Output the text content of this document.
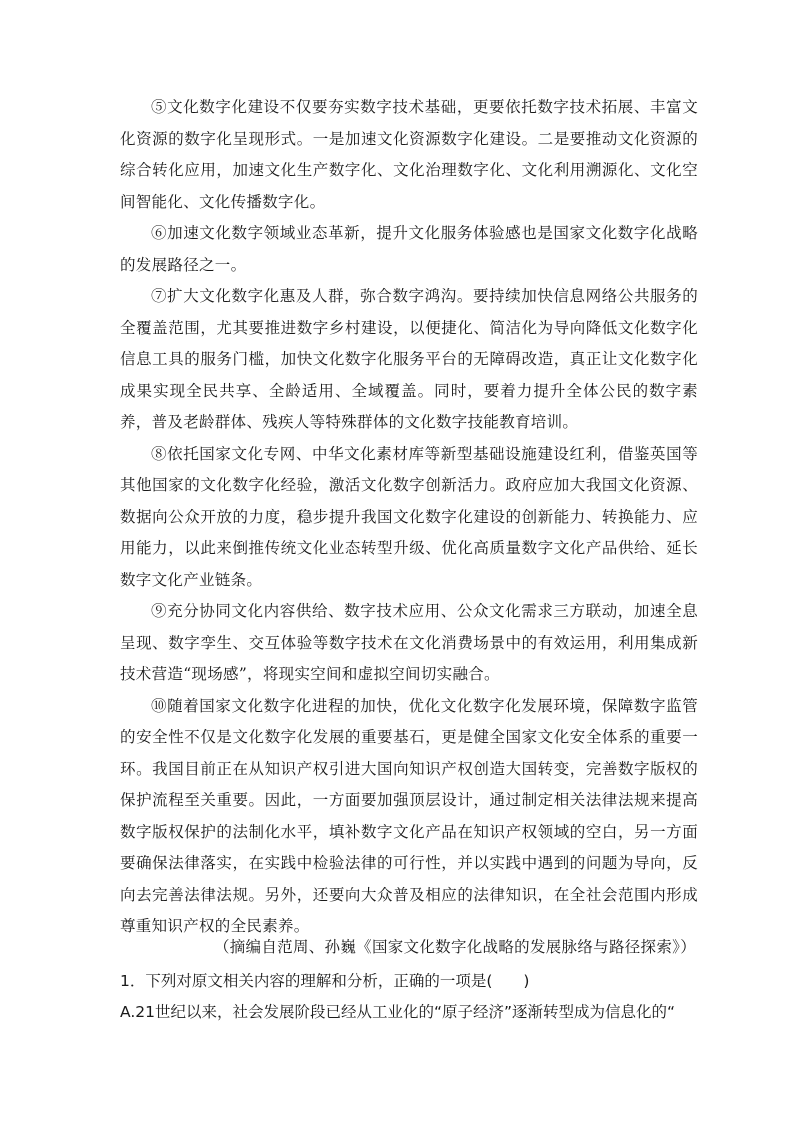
⑤文化数字化建设不仅要夯实数字技术基础，更要依托数字技术拓展、丰富文化资源的数字化呈现形式。一是加速文化资源数字化建设。二是要推动文化资源的综合转化应用，加速文化生产数字化、文化治理数字化、文化利用溯源化、文化空间智能化、文化传播数字化。

⑥加速文化数字领域业态革新，提升文化服务体验感也是国家文化数字化战略的发展路径之一。

⑦扩大文化数字化惠及人群，弥合数字鸿沟。要持续加快信息网络公共服务的全覆盖范围，尤其要推进数字乡村建设，以便捷化、简洁化为导向降低文化数字化信息工具的服务门槛，加快文化数字化服务平台的无障碍改造，真正让文化数字化成果实现全民共享、全龄适用、全域覆盖。同时，要着力提升全体公民的数字素养，普及老龄群体、残疾人等特殊群体的文化数字技能教育培训。

⑧依托国家文化专网、中华文化素材库等新型基础设施建设红利，借鉴英国等其他国家的文化数字化经验，激活文化数字创新活力。政府应加大我国文化资源、数据向公众开放的力度，稳步提升我国文化数字化建设的创新能力、转换能力、应用能力，以此来倒推传统文化业态转型升级、优化高质量数字文化产品供给、延长数字文化产业链条。

⑨充分协同文化内容供给、数字技术应用、公众文化需求三方联动，加速全息呈现、数字孪生、交互体验等数字技术在文化消费场景中的有效运用，利用集成新技术营造“现场感”，将现实空间和虚拟空间切实融合。

⑩随着国家文化数字化进程的加快，优化文化数字化发展环境，保障数字监管的安全性不仅是文化数字化发展的重要基石，更是健全国家文化安全体系的重要一环。我国目前正在从知识产权引进大国向知识产权创造大国转变，完善数字版权的保护流程至关重要。因此，一方面要加强顶层设计，通过制定相关法律法规来提高数字版权保护的法制化水平，填补数字文化产品在知识产权领域的空白，另一方面要确保法律落实，在实践中检验法律的可行性，并以实践中遇到的问题为导向，反向去完善法律法规。另外，还要向大众普及相应的法律知识，在全社会范围内形成尊重知识产权的全民素养。

（摘编自范周、孙巍《国家文化数字化战略的发展脉络与路径探索》）
1．下列对原文相关内容的理解和分析，正确的一项是(　　)
A.21世纪以来，社会发展阶段已经从工业化的“原子经济”逐渐转型成为信息化的“
